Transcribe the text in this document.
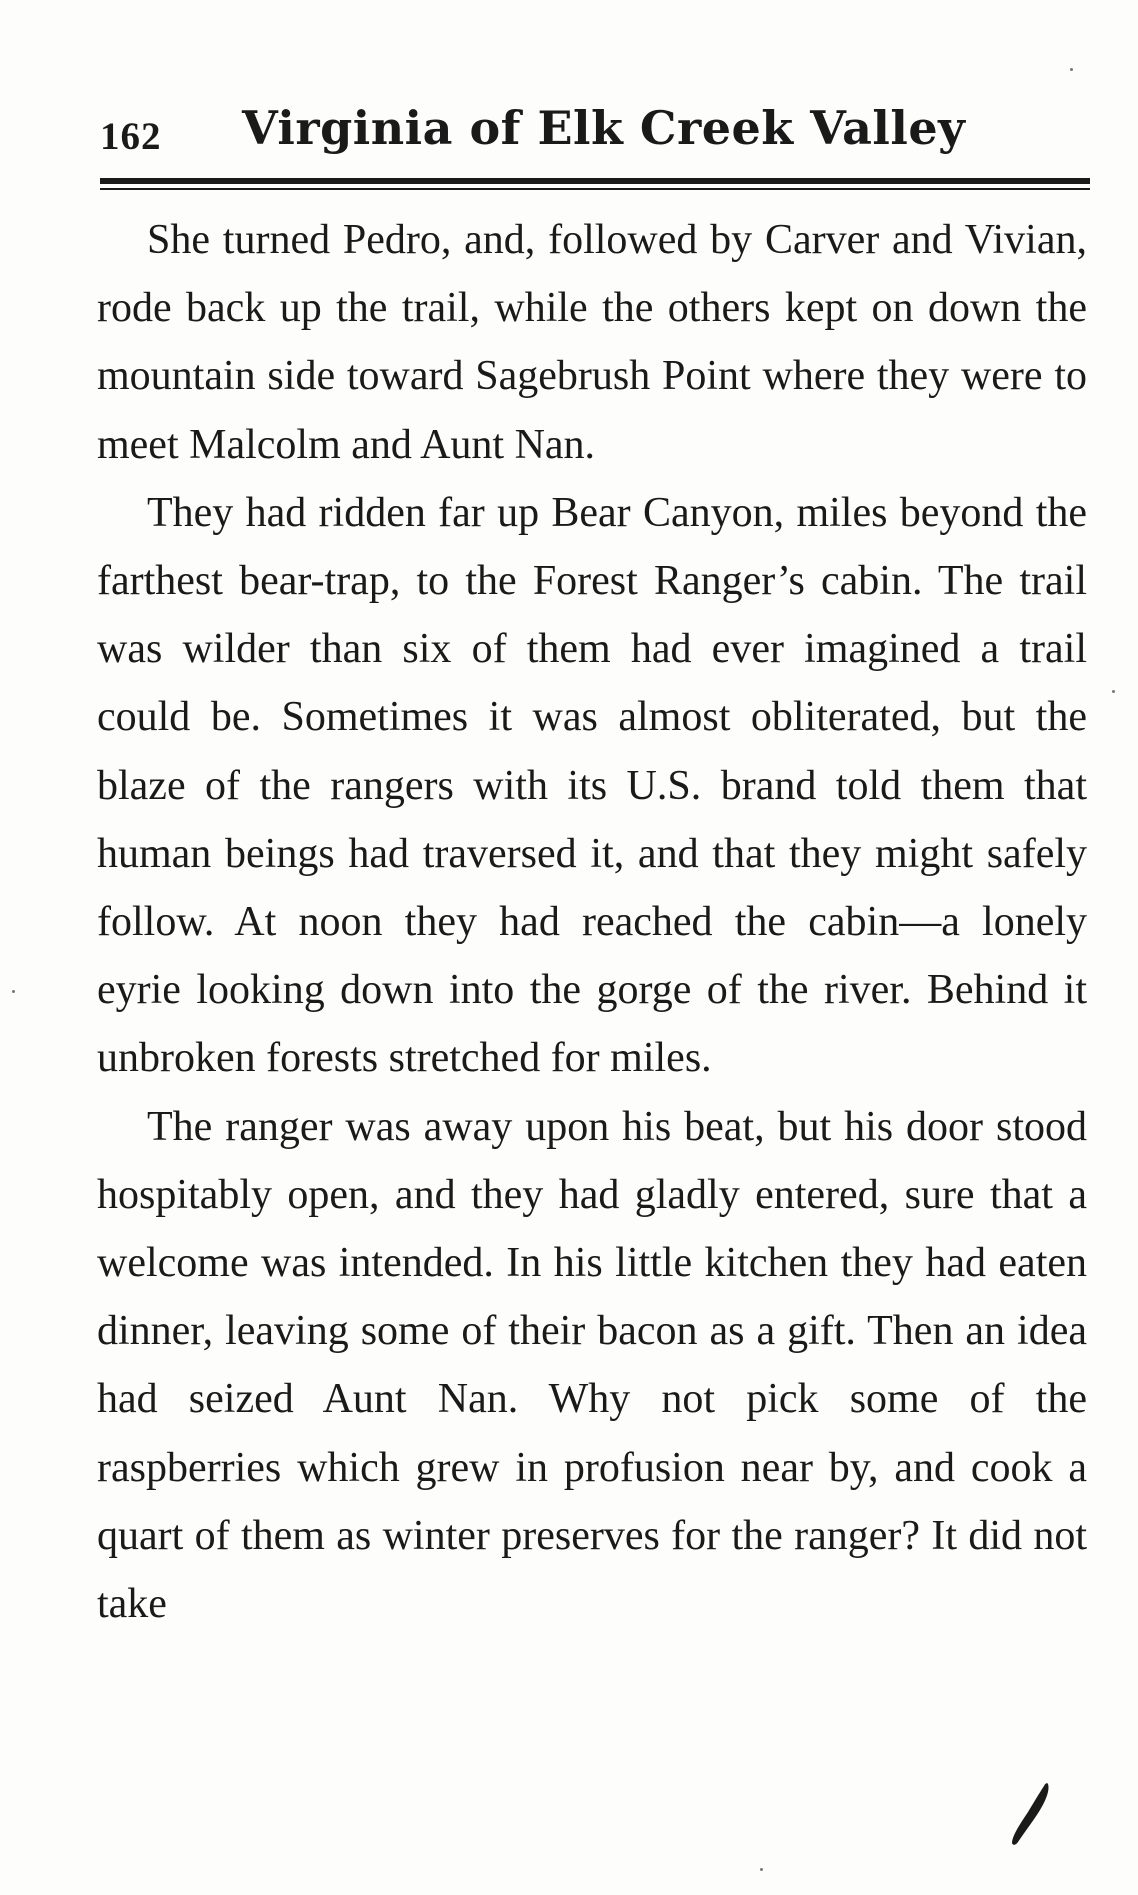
162 Virginia of Elk Creek Valley

She turned Pedro, and, followed by Carver and Vivian, rode back up the trail, while the others kept on down the mountain side toward Sagebrush Point where they were to meet Malcolm and Aunt Nan.

They had ridden far up Bear Canyon, miles beyond the farthest bear-trap, to the Forest Ranger’s cabin. The trail was wilder than six of them had ever imagined a trail could be. Sometimes it was almost obliterated, but the blaze of the rangers with its U.S. brand told them that human beings had traversed it, and that they might safely follow. At noon they had reached the cabin—a lonely eyrie looking down into the gorge of the river. Behind it unbroken forests stretched for miles.

The ranger was away upon his beat, but his door stood hospitably open, and they had gladly entered, sure that a welcome was intended. In his little kitchen they had eaten dinner, leaving some of their bacon as a gift. Then an idea had seized Aunt Nan. Why not pick some of the raspberries which grew in profusion near by, and cook a quart of them as winter preserves for the ranger? It did not take
